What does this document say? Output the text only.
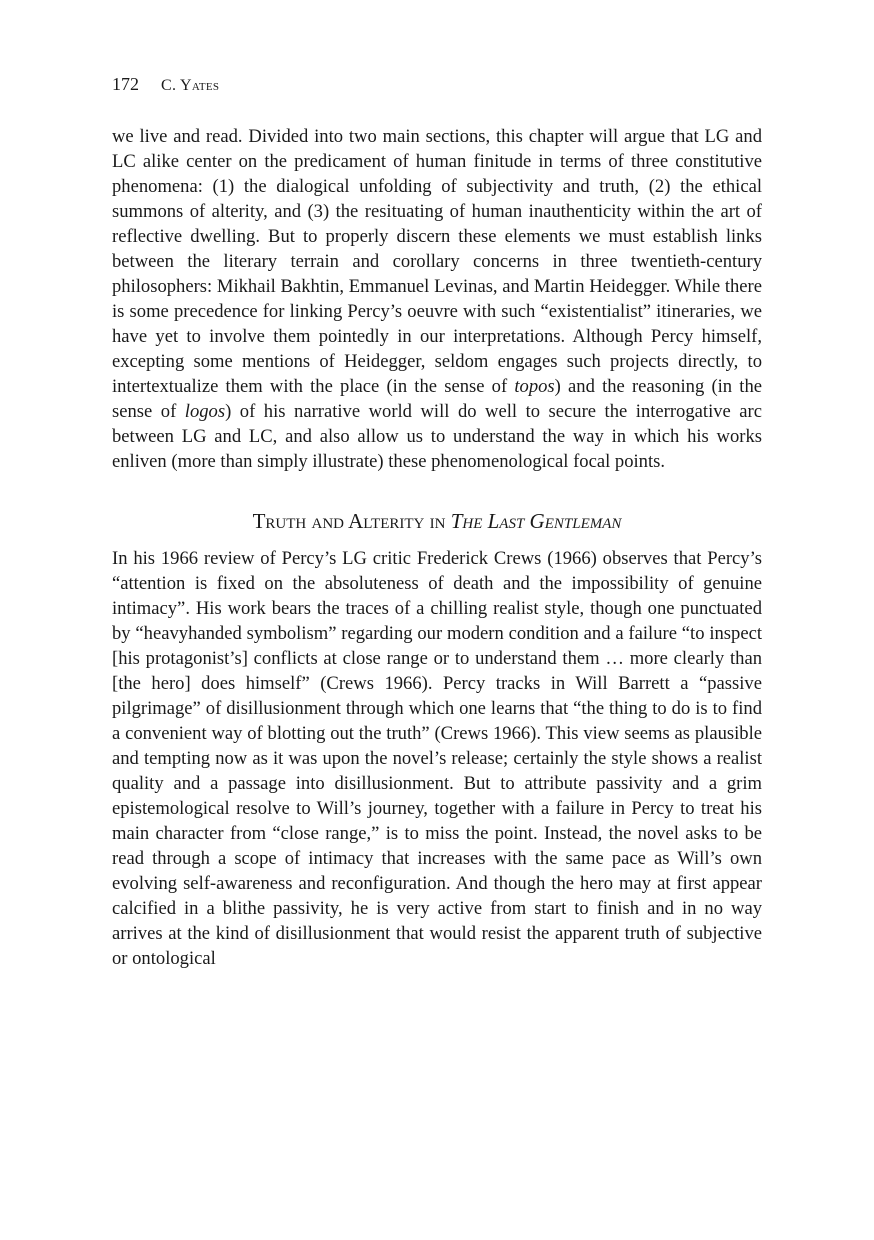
172 C. Yates

we live and read. Divided into two main sections, this chapter will argue that LG and LC alike center on the predicament of human finitude in terms of three constitutive phenomena: (1) the dialogical unfolding of subjectivity and truth, (2) the ethical summons of alterity, and (3) the resituating of human inauthenticity within the art of reflective dwelling. But to properly discern these elements we must establish links between the literary terrain and corollary concerns in three twentieth-century philosophers: Mikhail Bakhtin, Emmanuel Levinas, and Martin Heidegger. While there is some precedence for linking Percy’s oeuvre with such “existentialist” itineraries, we have yet to involve them pointedly in our interpretations. Although Percy himself, excepting some mentions of Heidegger, seldom engages such projects directly, to intertextualize them with the place (in the sense of topos) and the reasoning (in the sense of logos) of his narrative world will do well to secure the interrogative arc between LG and LC, and also allow us to understand the way in which his works enliven (more than simply illustrate) these phenomenological focal points.

Truth and Alterity in The Last Gentleman

In his 1966 review of Percy’s LG critic Frederick Crews (1966) observes that Percy’s “attention is fixed on the absoluteness of death and the impossibility of genuine intimacy”. His work bears the traces of a chilling realist style, though one punctuated by “heavyhanded symbolism” regarding our modern condition and a failure “to inspect [his protagonist’s] conflicts at close range or to understand them … more clearly than [the hero] does himself” (Crews 1966). Percy tracks in Will Barrett a “passive pilgrimage” of disillusionment through which one learns that “the thing to do is to find a convenient way of blotting out the truth” (Crews 1966). This view seems as plausible and tempting now as it was upon the novel’s release; certainly the style shows a realist quality and a passage into disillusionment. But to attribute passivity and a grim epistemological resolve to Will’s journey, together with a failure in Percy to treat his main character from “close range,” is to miss the point. Instead, the novel asks to be read through a scope of intimacy that increases with the same pace as Will’s own evolving self-awareness and reconfiguration. And though the hero may at first appear calcified in a blithe passivity, he is very active from start to finish and in no way arrives at the kind of disillusionment that would resist the apparent truth of subjective or ontological
